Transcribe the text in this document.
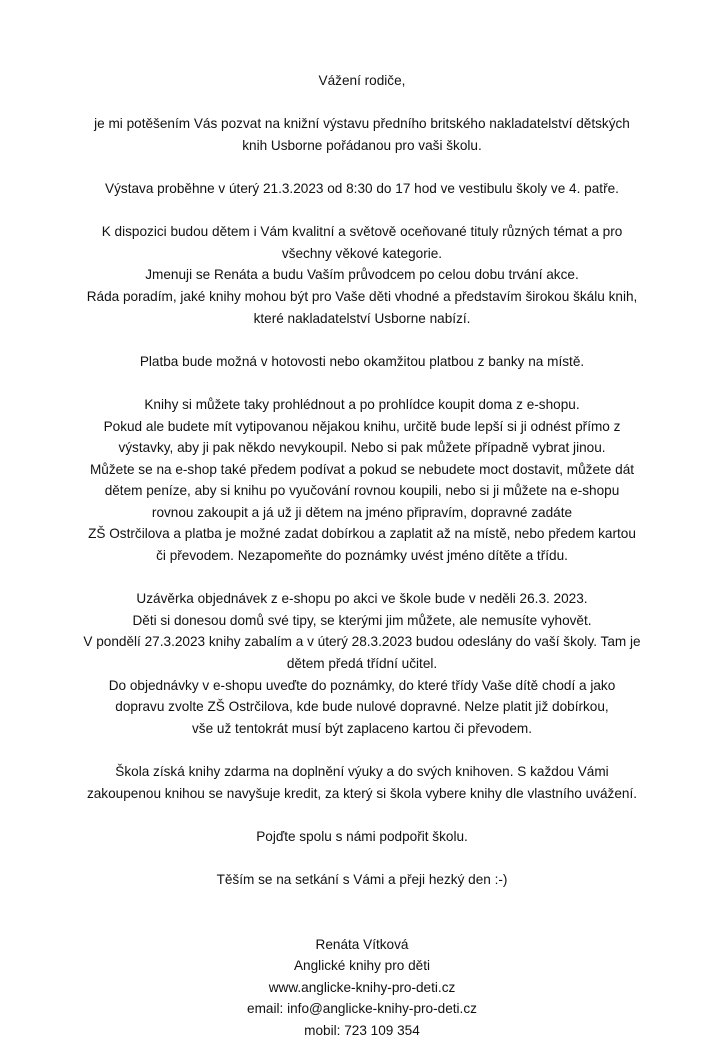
Vážení rodiče,

je mi potěšením Vás pozvat na knižní výstavu předního britského nakladatelství dětských
knih Usborne pořádanou pro vaši školu.

Výstava proběhne v úterý 21.3.2023 od 8:30 do 17 hod ve vestibulu školy ve 4. patře.

K dispozici budou dětem i Vám kvalitní a světově oceňované tituly různých témat a pro
všechny věkové kategorie.
Jmenuji se Renáta a budu Vaším průvodcem po celou dobu trvání akce.
Ráda poradím, jaké knihy mohou být pro Vaše děti vhodné a představím širokou škálu knih,
které nakladatelství Usborne nabízí.

Platba bude možná v hotovosti nebo okamžitou platbou z banky na místě.

Knihy si můžete taky prohlédnout a po prohlídce koupit doma z e-shopu.
Pokud ale budete mít vytipovanou nějakou knihu, určitě bude lepší si ji odnést přímo z
výstavky, aby ji pak někdo nevykoupil. Nebo si pak můžete případně vybrat jinou.
Můžete se na e-shop také předem podívat a pokud se nebudete moct dostavit, můžete dát
dětem peníze, aby si knihu po vyučování rovnou koupili, nebo si ji můžete na e-shopu
rovnou zakoupit a já už ji dětem na jméno připravím, dopravné zadáte
ZŠ Ostrčilova a platba je možné zadat dobírkou a zaplatit až na místě, nebo předem kartou
či převodem. Nezapomeňte do poznámky uvést jméno dítěte a třídu.

Uzávěrka objednávek z e-shopu po akci ve škole bude v neděli 26.3. 2023.
Děti si donesou domů své tipy, se kterými jim můžete, ale nemusíte vyhovět.
V pondělí 27.3.2023 knihy zabalím a v úterý 28.3.2023 budou odeslány do vaší školy. Tam je
dětem předá třídní učitel.
Do objednávky v e-shopu uveďte do poznámky, do které třídy Vaše dítě chodí a jako
dopravu zvolte ZŠ Ostrčilova, kde bude nulové dopravné. Nelze platit již dobírkou,
vše už tentokrát musí být zaplaceno kartou či převodem.

Škola získá knihy zdarma na doplnění výuky a do svých knihoven. S každou Vámi
zakoupenou knihou se navyšuje kredit, za který si škola vybere knihy dle vlastního uvážení.

Pojďte spolu s námi podpořit školu.

Těším se na setkání s Vámi a přeji hezký den :-)

Renáta Vítková
Anglické knihy pro děti
www.anglicke-knihy-pro-deti.cz
email: info@anglicke-knihy-pro-deti.cz
mobil: 723 109 354
